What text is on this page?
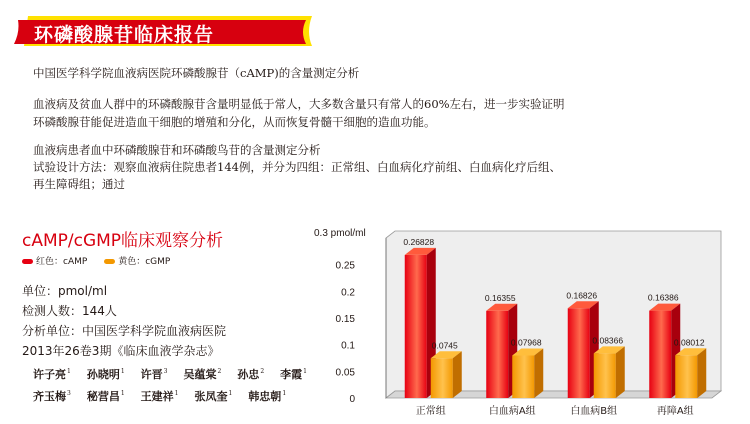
环磷酸腺苷临床报告
中国医学科学院血液病医院环磷酸腺苷（cAMP)的含量测定分析
血液病及贫血人群中的环磷酸腺苷含量明显低于常人，大多数含量只有常人的60%左右，进一步实验证明
环磷酸腺苷能促进造血干细胞的增殖和分化，从而恢复骨髓干细胞的造血功能。
血液病患者血中环磷酸腺苷和环磷酸鸟苷的含量测定分析
试验设计方法：观察血液病住院患者144例，并分为四组：正常组、白血病化疗前组、白血病化疗后组、
再生障碍组；通过
cAMP/cGMP临床观察分析
红色：cAMP	黄色：cGMP
单位：pmol/ml
检测人数：144人
分析单位：中国医学科学院血液病医院
2013年26卷3期《临床血液学杂志》
许子亮$^1$ 孙晓明$^1$ 许晋$^3$ 吴蕴棠$^2$ 孙忠$^2$ 李霞$^1$
齐玉梅$^3$ 秘营昌$^1$ 王建祥$^1$ 张凤奎$^1$ 韩忠朝$^1$
0.3 pmol/ml
0
0.05
0.1
0.15
0.2
0.25
0.26828
0.0745
0.16355
0.07968
0.16826
0.08366
0.16386
0.08012
正常组	白血病A组	白血病B组	再障A组
